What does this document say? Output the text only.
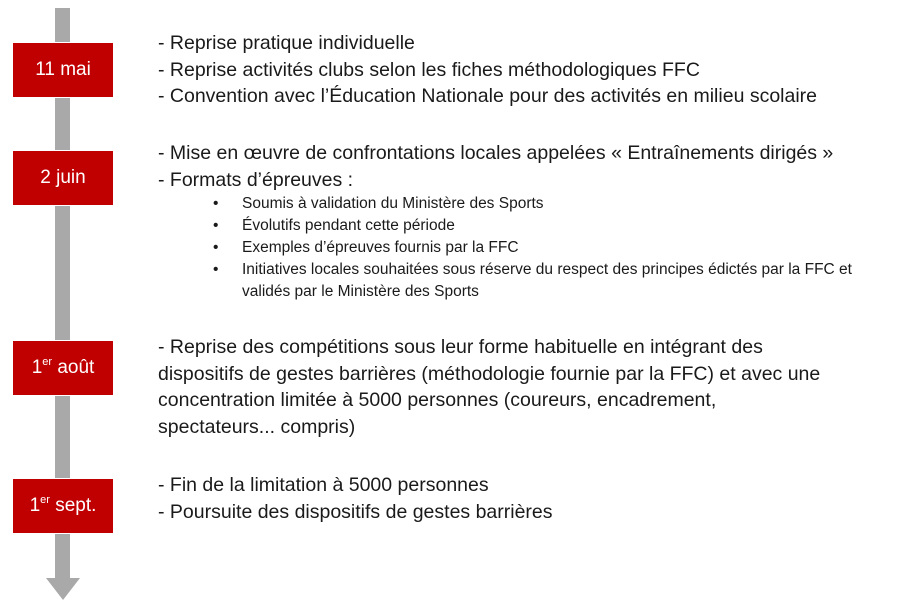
11 mai
- Reprise pratique individuelle
- Reprise activités clubs selon les fiches méthodologiques FFC
- Convention avec l’Éducation Nationale pour des activités en milieu scolaire
2 juin
- Mise en œuvre de confrontations locales appelées « Entraînements dirigés »
- Formats d’épreuves :
• Soumis à validation du Ministère des Sports
• Évolutifs pendant cette période
• Exemples d’épreuves fournis par la FFC
• Initiatives locales souhaitées sous réserve du respect des principes édictés par la FFC et validés par le Ministère des Sports
1er août
- Reprise des compétitions sous leur forme habituelle en intégrant des dispositifs de gestes barrières (méthodologie fournie par la FFC) et avec une concentration limitée à 5000 personnes (coureurs, encadrement, spectateurs... compris)
1er sept.
- Fin de la limitation à 5000 personnes
- Poursuite des dispositifs de gestes barrières
